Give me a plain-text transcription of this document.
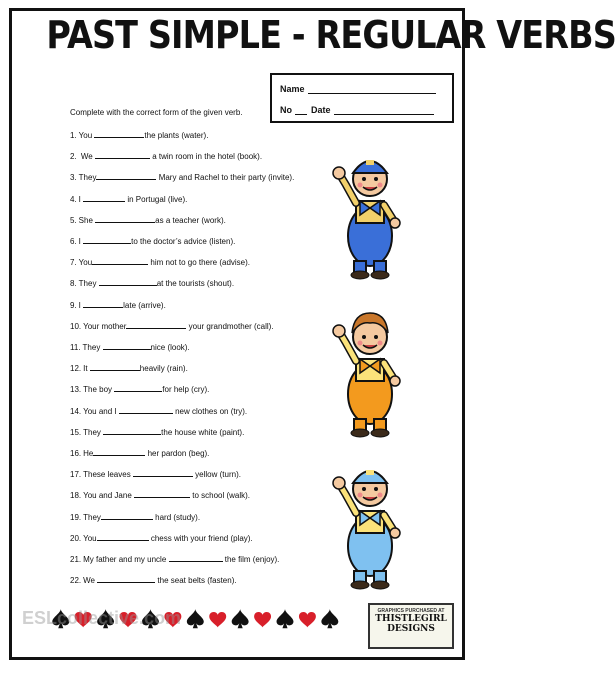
PAST SIMPLE - REGULAR VERBS
Name
No Date
Complete with the correct form of the given verb.
1. You	the plants (water).
2. We	a twin room in the hotel (book).
3. They	Mary and Rachel to their party (invite).
4. I	in Portugal (live).
5. She	as a teacher (work).
6. I	to the doctor’s advice (listen).
7. You	him not to go there (advise).
8. They	at the tourists (shout).
9. I	late (arrive).
10. Your mother	your grandmother (call).
11. They	nice (look).
12. It	heavily (rain).
13. The boy	for help (cry).
14. You and I	new clothes on (try).
15. They	the house white (paint).
16. He	her pardon (beg).
17. These leaves	yellow (turn).
18. You and Jane	to school (walk).
19. They	hard (study).
20. You	chess with your friend (play).
21. My father and my uncle	the film (enjoy).
22. We	the seat belts (fasten).
ESLcollective.com	GRAPHICS PURCHASED AT
THISTLEGIRL
DESIGNS
